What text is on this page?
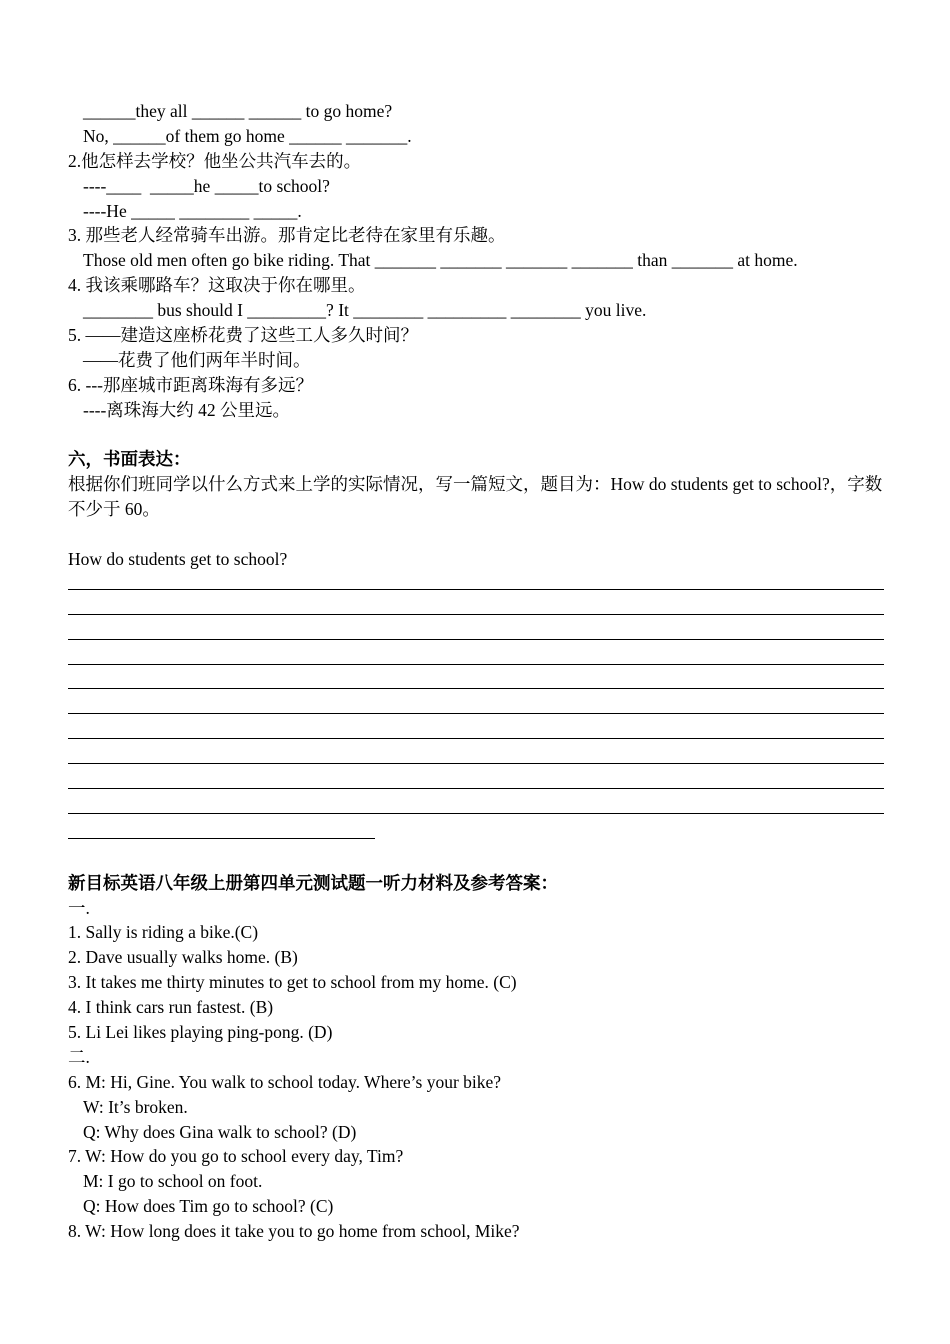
______they all ______ ______ to go home?
No, ______of them go home ______ _______.
2.他怎样去学校？他坐公共汽车去的。
----____  _____he _____to school?
----He _____ ________ _____.
3. 那些老人经常骑车出游。那肯定比老待在家里有乐趣。
Those old men often go bike riding. That _______ _______ _______ _______ than _______ at home.
4. 我该乘哪路车？这取决于你在哪里。
________ bus should I _________? It ________ _________ ________ you live.
5. ——建造这座桥花费了这些工人多久时间？
——花费了他们两年半时间。
6. ---那座城市距离珠海有多远？
----离珠海大约 42 公里远。
六，书面表达：
根据你们班同学以什么方式来上学的实际情况，写一篇短文，题目为：How do students get to school?，字数不少于 60。
How do students get to school?
新目标英语八年级上册第四单元测试题一听力材料及参考答案：
一.
1. Sally is riding a bike.(C)
2. Dave usually walks home. (B)
3. It takes me thirty minutes to get to school from my home. (C)
4. I think cars run fastest. (B)
5. Li Lei likes playing ping-pong. (D)
二.
6. M: Hi, Gine. You walk to school today. Where’s your bike?
W: It’s broken.
Q: Why does Gina walk to school? (D)
7. W: How do you go to school every day, Tim?
M: I go to school on foot.
Q: How does Tim go to school? (C)
8. W: How long does it take you to go home from school, Mike?
